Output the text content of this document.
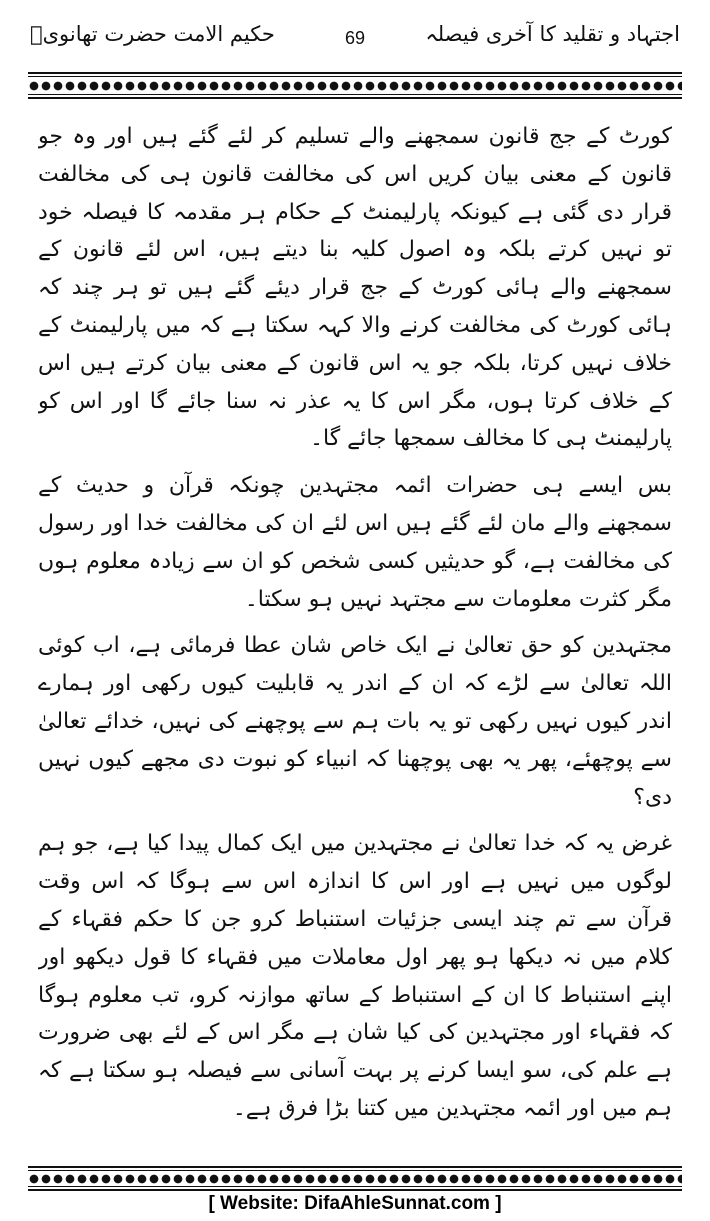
اجتہاد و تقلید کا آخری فیصلہ
69
حکیم الامت حضرت تھانویؒ

کورٹ کے جج قانون سمجھنے والے تسلیم کر لئے گئے ہیں اور وہ جو قانون کے معنی بیان کریں اس کی مخالفت قانون ہی کی مخالفت قرار دی گئی ہے کیونکہ پارلیمنٹ کے حکام ہر مقدمہ کا فیصلہ خود تو نہیں کرتے بلکہ وہ اصول کلیہ بنا دیتے ہیں، اس لئے قانون کے سمجھنے والے ہائی کورٹ کے جج قرار دیئے گئے ہیں تو ہر چند کہ ہائی کورٹ کی مخالفت کرنے والا کہہ سکتا ہے کہ میں پارلیمنٹ کے خلاف نہیں کرتا، بلکہ جو یہ اس قانون کے معنی بیان کرتے ہیں اس کے خلاف کرتا ہوں، مگر اس کا یہ عذر نہ سنا جائے گا اور اس کو پارلیمنٹ ہی کا مخالف سمجھا جائے گا۔

بس ایسے ہی حضرات ائمہ مجتہدین چونکہ قرآن و حدیث کے سمجھنے والے مان لئے گئے ہیں اس لئے ان کی مخالفت خدا اور رسول کی مخالفت ہے، گو حدیثیں کسی شخص کو ان سے زیادہ معلوم ہوں مگر کثرت معلومات سے مجتہد نہیں ہو سکتا۔

مجتہدین کو حق تعالیٰ نے ایک خاص شان عطا فرمائی ہے، اب کوئی اللہ تعالیٰ سے لڑے کہ ان کے اندر یہ قابلیت کیوں رکھی اور ہمارے اندر کیوں نہیں رکھی تو یہ بات ہم سے پوچھنے کی نہیں، خدائے تعالیٰ سے پوچھئے، پھر یہ بھی پوچھنا کہ انبیاء کو نبوت دی مجھے کیوں نہیں دی؟

غرض یہ کہ خدا تعالیٰ نے مجتہدین میں ایک کمال پیدا کیا ہے، جو ہم لوگوں میں نہیں ہے اور اس کا اندازہ اس سے ہوگا کہ اس وقت قرآن سے تم چند ایسی جزئیات استنباط کرو جن کا حکم فقہاء کے کلام میں نہ دیکھا ہو پھر اول معاملات میں فقہاء کا قول دیکھو اور اپنے استنباط کا ان کے استنباط کے ساتھ موازنہ کرو، تب معلوم ہوگا کہ فقہاء اور مجتہدین کی کیا شان ہے مگر اس کے لئے بھی ضرورت ہے علم کی، سو ایسا کرنے پر بہت آسانی سے فیصلہ ہو سکتا ہے کہ ہم میں اور ائمہ مجتہدین میں کتنا بڑا فرق ہے۔

[ Website: DifaAhleSunnat.com ]
